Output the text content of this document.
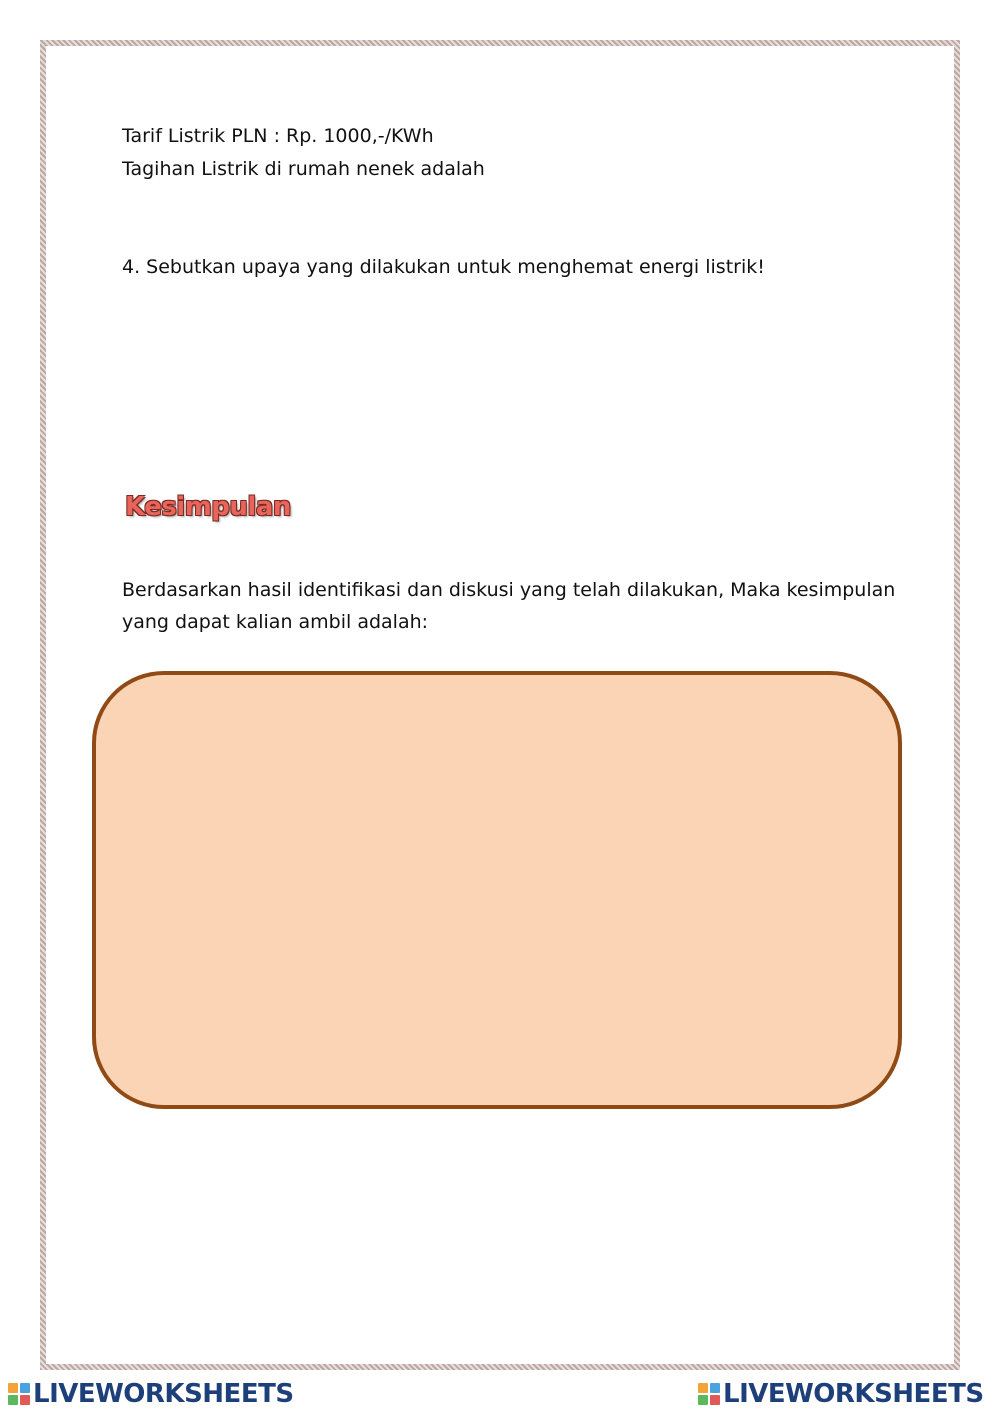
Tarif Listrik PLN : Rp. 1000,-/KWh
Tagihan Listrik di rumah nenek adalah
4. Sebutkan upaya yang dilakukan untuk menghemat energi listrik!
Kesimpulan
Berdasarkan hasil identifikasi dan diskusi yang telah dilakukan, Maka kesimpulan
yang dapat kalian ambil adalah:
LIVEWORKSHEETS	LIVEWORKSHEETS
